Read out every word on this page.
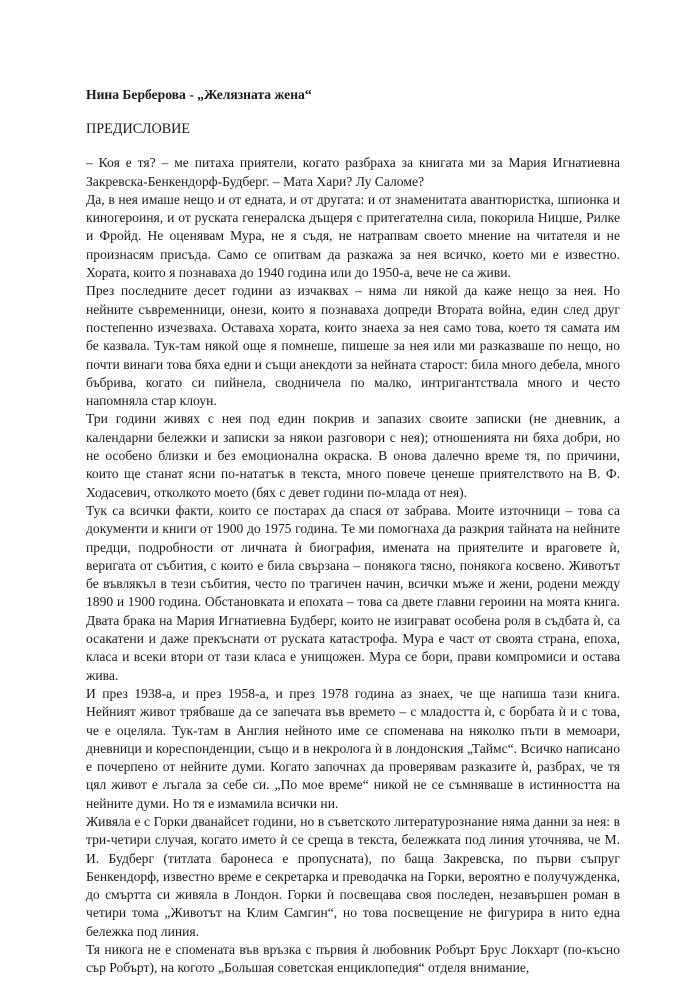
Нина Берберова - „Желязната жена“

ПРЕДИСЛОВИЕ

– Коя е тя? – ме питаха приятели, когато разбраха за книгата ми за Мария Игнатиевна Закревска-Бенкендорф-Будберг. – Мата Хари? Лу Саломе?

Да, в нея имаше нещо и от едната, и от другата: и от знаменитата авантюристка, шпионка и киногероиня, и от руската генералска дъщеря с притегателна сила, покорила Ницше, Рилке и Фройд. Не оценявам Мура, не я съдя, не натрапвам своето мнение на читателя и не произнасям присъда. Само се опитвам да разкажа за нея всичко, което ми е известно. Хората, които я познаваха до 1940 година или до 1950-а, вече не са живи.

През последните десет години аз изчаквах – няма ли някой да каже нещо за нея. Но нейните съвременници, онези, които я познаваха допреди Втората война, един след друг постепенно изчезваха. Оставаха хората, които знаеха за нея само това, което тя самата им бе казвала. Тук-там някой още я помнеше, пишеше за нея или ми разказваше по нещо, но почти винаги това бяха едни и същи анекдоти за нейната старост: била много дебела, много бъбрива, когато си пийнела, сводничела по малко, интригантствала много и често напомняла стар клоун.

Три години живях с нея под един покрив и запазих своите записки (не дневник, а календарни бележки и записки за някои разговори с нея); отношенията ни бяха добри, но не особено близки и без емоционална окраска. В онова далечно време тя, по причини, които ще станат ясни по-нататък в текста, много повече ценеше приятелството на В. Ф. Ходасевич, отколкото моето (бях с девет години по-млада от нея).

Тук са всички факти, които се постарах да спася от забрава. Моите източници – това са документи и книги от 1900 до 1975 година. Те ми помогнаха да разкрия тайната на нейните предци, подробности от личната ѝ биография, имената на приятелите и враговете ѝ, веригата от събития, с които е била свързана – понякога тясно, понякога косвено. Животът бе въвлякъл в тези събития, често по трагичен начин, всички мъже и жени, родени между 1890 и 1900 година. Обстановката и епохата – това са двете главни героини на моята книга. Двата брака на Мария Игнатиевна Будберг, които не изиграват особена роля в съдбата ѝ, са осакатени и даже прекъснати от руската катастрофа. Мура е част от своята страна, епоха, класа и всеки втори от тази класа е унищожен. Мура се бори, прави компромиси и остава жива.

И през 1938-а, и през 1958-а, и през 1978 година аз знаех, че ще напиша тази книга. Нейният живот трябваше да се запечата във времето – с младостта ѝ, с борбата ѝ и с това, че е оцеляла. Тук-там в Англия нейното име се споменава на няколко пъти в мемоари, дневници и кореспонденции, също и в некролога ѝ в лондонския „Таймс“. Всичко написано е почерпено от нейните думи. Когато започнах да проверявам разказите ѝ, разбрах, че тя цял живот е лъгала за себе си. „По мое време“ никой не се съмняваше в истинността на нейните думи. Но тя е измамила всички ни.

Живяла е с Горки дванайсет години, но в съветското литературознание няма данни за нея: в три-четири случая, когато името ѝ се среща в текста, бележката под линия уточнява, че М. И. Будберг (титлата баронеса е пропусната), по баща Закревска, по първи съпруг Бенкендорф, известно време е секретарка и преводачка на Горки, вероятно е получужденка, до смъртта си живяла в Лондон. Горки ѝ посвещава своя последен, незавършен роман в четири тома „Животът на Клим Самгин“, но това посвещение не фигурира в нито една бележка под линия.

Тя никога не е спомената във връзка с първия ѝ любовник Робърт Брус Локхарт (по-късно сър Робърт), на когото „Большая советская енциклопедия“ отделя внимание,
